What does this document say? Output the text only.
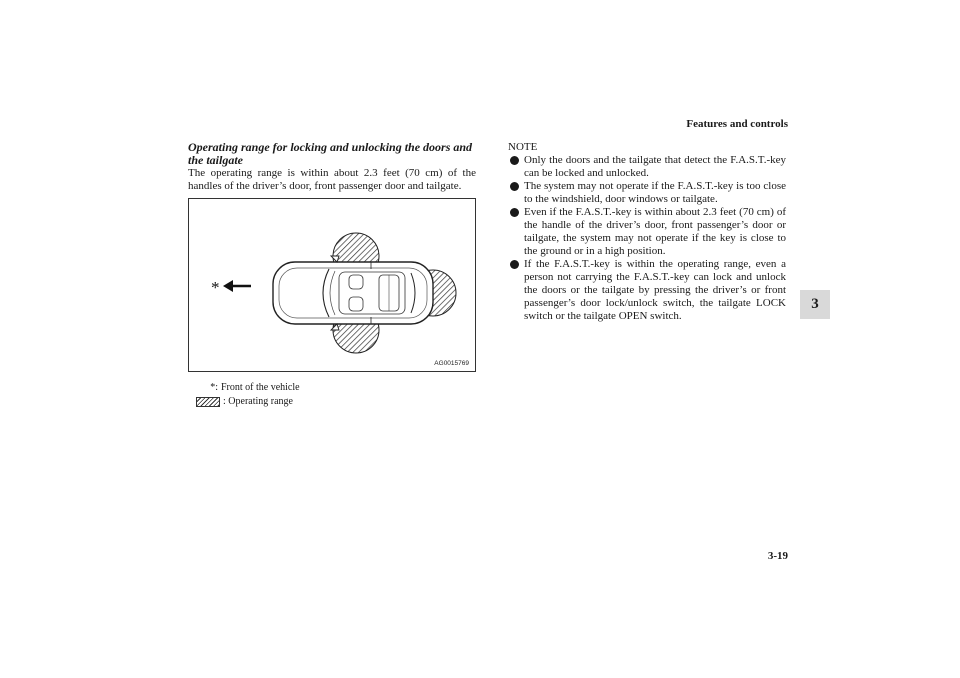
Features and controls
3

Operating range for locking and unlocking the doors and the tailgate

The operating range is within about 2.3 feet (70 cm) of the handles of the driver’s door, front passenger door and tailgate.

*
AG0015769
*: Front of the vehicle
: Operating range
NOTE
Only the doors and the tailgate that detect the F.A.S.T.-key can be locked and unlocked.
The system may not operate if the F.A.S.T.-key is too close to the windshield, door windows or tailgate.
Even if the F.A.S.T.-key is within about 2.3 feet (70 cm) of the handle of the driver’s door, front passenger’s door or tailgate, the system may not operate if the key is close to the ground or in a high position.
If the F.A.S.T.-key is within the operating range, even a person not carrying the F.A.S.T.-key can lock and unlock the doors or the tailgate by pressing the driver’s or front passenger’s door lock/unlock switch, the tailgate LOCK switch or the tailgate OPEN switch.
3-19
